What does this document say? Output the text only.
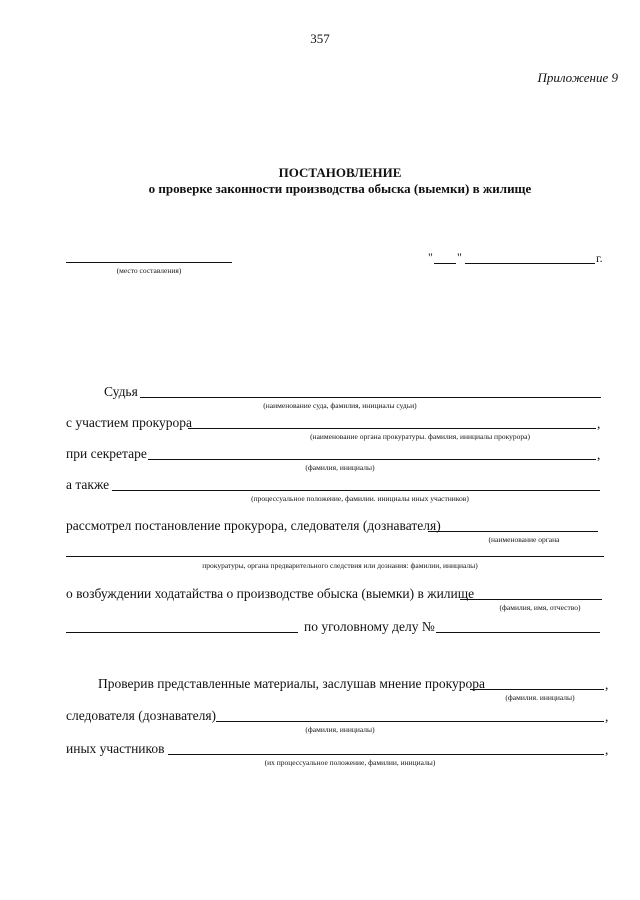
357
Приложение 9
ПОСТАНОВЛЕНИЕ
о проверке законности производства обыска (выемки) в жилище
(место составления)
" "	г.
Судья
(наименование суда, фамилия, инициалы судьи)
с участием прокурора	,
(наименование органа прокуратуры. фамилия, инициалы прокурора)
при секретаре	,
(фамилия, инициалы)
а также
(процессуальное положение, фамилии. инициалы иных участников)
рассмотрел постановление прокурора, следователя (дознавателя)
(наименование органа
прокуратуры, органа предварительного следствия или дознания: фамилии, инициалы)
о возбуждении ходатайства о производстве обыска (выемки) в жилище
(фамилия, имя, отчество)
по уголовному делу №
Проверив представленные материалы, заслушав мнение прокурора	,
(фамилия. инициалы)
следователя (дознавателя)	,
(фамилия, инициалы)
иных участников	,
(их процессуальное положение, фамилии, инициалы)
